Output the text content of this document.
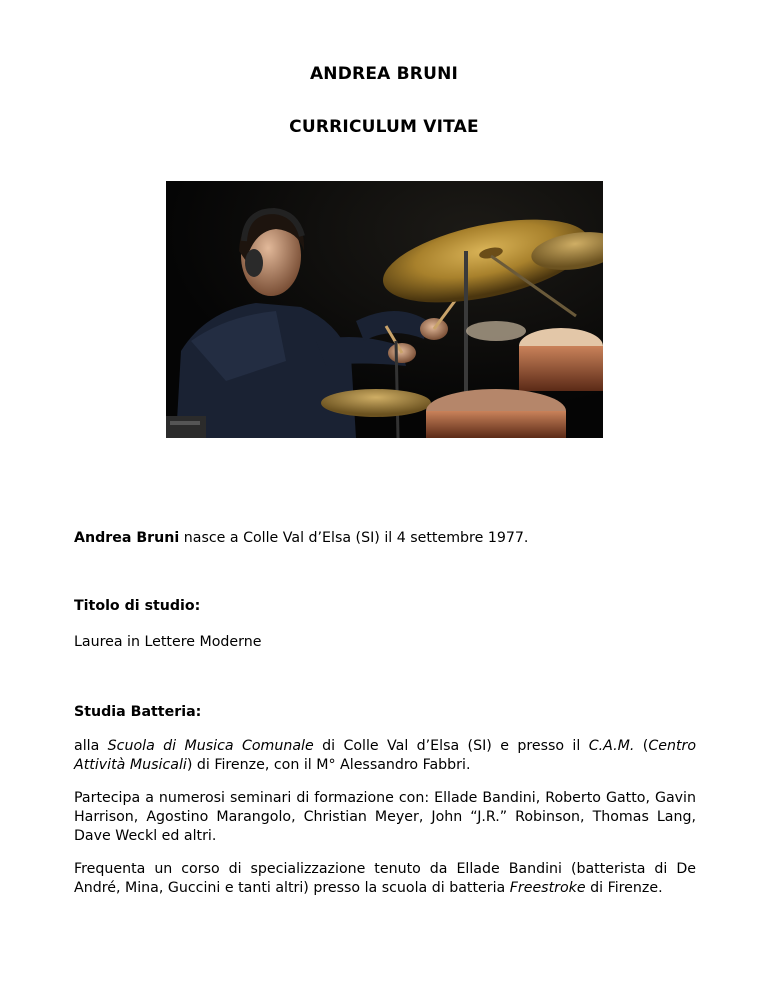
ANDREA BRUNI
CURRICULUM VITAE
Andrea Bruni nasce a Colle Val d’Elsa (SI) il 4 settembre 1977.
Titolo di studio:
Laurea in Lettere Moderne
Studia Batteria:
alla Scuola di Musica Comunale di Colle Val d’Elsa (SI) e presso il C.A.M. (Centro Attività Musicali) di Firenze, con il M° Alessandro Fabbri.
Partecipa a numerosi seminari di formazione con: Ellade Bandini, Roberto Gatto, Gavin Harrison, Agostino Marangolo, Christian Meyer, John “J.R.” Robinson, Thomas Lang, Dave Weckl ed altri.
Frequenta un corso di specializzazione tenuto da Ellade Bandini (batterista di De André, Mina, Guccini e tanti altri) presso la scuola di batteria Freestroke di Firenze.
